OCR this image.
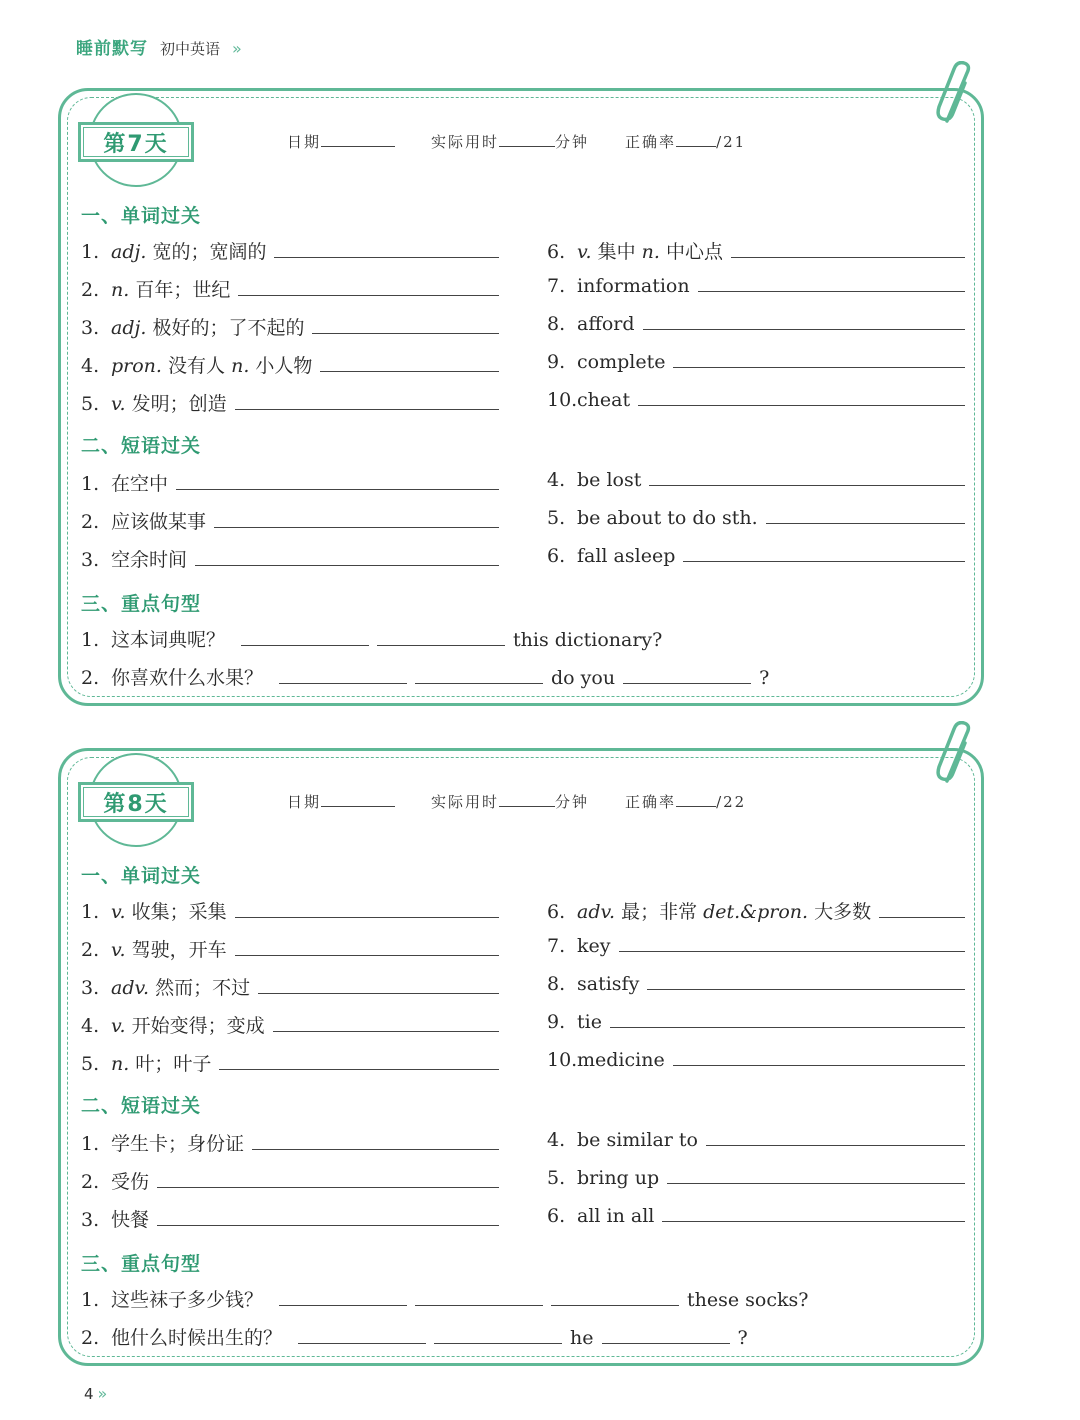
睡前默写 初中英语 »
第7天	日期	实际用时	分钟 正确率	/21
一、单词过关
二、短语过关
三、重点句型
1. adj. 宽的；宽阔的
2. n. 百年；世纪
3. adj. 极好的；了不起的
4. pron. 没有人 n. 小人物
5. v. 发明；创造
6. v. 集中 n. 中心点
7. information
8. afford
9. complete
10. cheat
1. 在空中
2. 应该做某事
3. 空余时间
4. be lost
5. be about to do sth.
6. fall asleep
1. 这本词典呢？	this dictionary?
2. 你喜欢什么水果？	do you	?
第8天	日期	实际用时	分钟 正确率	/22
一、单词过关
二、短语过关
三、重点句型
1. v. 收集；采集
2. v. 驾驶，开车
3. adv. 然而；不过
4. v. 开始变得；变成
5. n. 叶；叶子
6. adv. 最；非常 det.&pron. 大多数
7. key
8. satisfy
9. tie
10. medicine
1. 学生卡；身份证
2. 受伤
3. 快餐
4. be similar to
5. bring up
6. all in all
1. 这些袜子多少钱？	these socks?
2. 他什么时候出生的？	he	?
4 »
